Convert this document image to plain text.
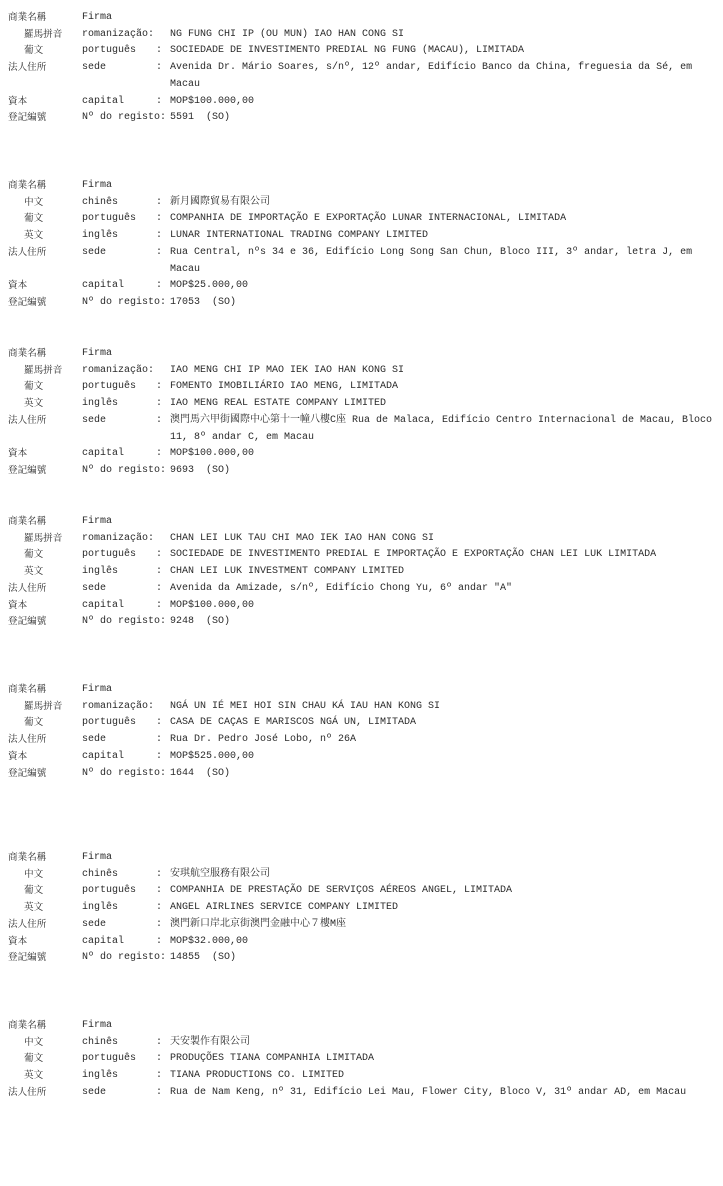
商業名稱	Firma
羅馬拼音	romanização: NG FUNG CHI IP (OU MUN) IAO HAN CONG SI
葡文	português	: SOCIEDADE DE INVESTIMENTO PREDIAL NG FUNG (MACAU), LIMITADA
法人住所	sede	: Avenida Dr. Mário Soares, s/nº, 12º andar, Edifício Banco da China, freguesia da Sé, em Macau
資本	capital	: MOP$100.000,00
登記編號	Nº do registo: 5591  (SO)
商業名稱	Firma
中文	chinês	: 新月國際貿易有限公司
葡文	português	: COMPANHIA DE IMPORTAÇÃO E EXPORTAÇÃO LUNAR INTERNACIONAL, LIMITADA
英文	inglês	: LUNAR INTERNATIONAL TRADING COMPANY LIMITED
法人住所	sede	: Rua Central, nºs 34 e 36, Edifício Long Song San Chun, Bloco III, 3º andar, letra J, em Macau
資本	capital	: MOP$25.000,00
登記編號	Nº do registo: 17053  (SO)
商業名稱	Firma
羅馬拼音	romanização: IAO MENG CHI IP MAO IEK IAO HAN KONG SI
葡文	português	: FOMENTO IMOBILIÁRIO IAO MENG, LIMITADA
英文	inglês	: IAO MENG REAL ESTATE COMPANY LIMITED
法人住所	sede	: 澳門馬六甲街國際中心第十一幢八樓C座 Rua de Malaca, Edifício Centro Internacional de Macau, Bloco 11, 8º andar C, em Macau
資本	capital	: MOP$100.000,00
登記編號	Nº do registo: 9693  (SO)
商業名稱	Firma
羅馬拼音	romanização: CHAN LEI LUK TAU CHI MAO IEK IAO HAN CONG SI
葡文	português	: SOCIEDADE DE INVESTIMENTO PREDIAL E IMPORTAÇÃO E EXPORTAÇÃO CHAN LEI LUK LIMITADA
英文	inglês	: CHAN LEI LUK INVESTMENT COMPANY LIMITED
法人住所	sede	: Avenida da Amizade, s/nº, Edifício Chong Yu, 6º andar "A"
資本	capital	: MOP$100.000,00
登記編號	Nº do registo: 9248  (SO)
商業名稱	Firma
羅馬拼音	romanização: NGÁ UN IÉ MEI HOI SIN CHAU KÁ IAU HAN KONG SI
葡文	português	: CASA DE CAÇAS E MARISCOS NGÁ UN, LIMITADA
法人住所	sede	: Rua Dr. Pedro José Lobo, nº 26A
資本	capital	: MOP$525.000,00
登記編號	Nº do registo: 1644  (SO)
商業名稱	Firma
中文	chinês	: 安琪航空服務有限公司
葡文	português	: COMPANHIA DE PRESTAÇÃO DE SERVIÇOS AÉREOS ANGEL, LIMITADA
英文	inglês	: ANGEL AIRLINES SERVICE COMPANY LIMITED
法人住所	sede	: 澳門新口岸北京街澳門金融中心７樓M座
資本	capital	: MOP$32.000,00
登記編號	Nº do registo: 14855  (SO)
商業名稱	Firma
中文	chinês	: 天安製作有限公司
葡文	português	: PRODUÇÕES TIANA COMPANHIA LIMITADA
英文	inglês	: TIANA PRODUCTIONS CO. LIMITED
法人住所	sede	: Rua de Nam Keng, nº 31, Edifício Lei Mau, Flower City, Bloco V, 31º andar AD, em Macau
